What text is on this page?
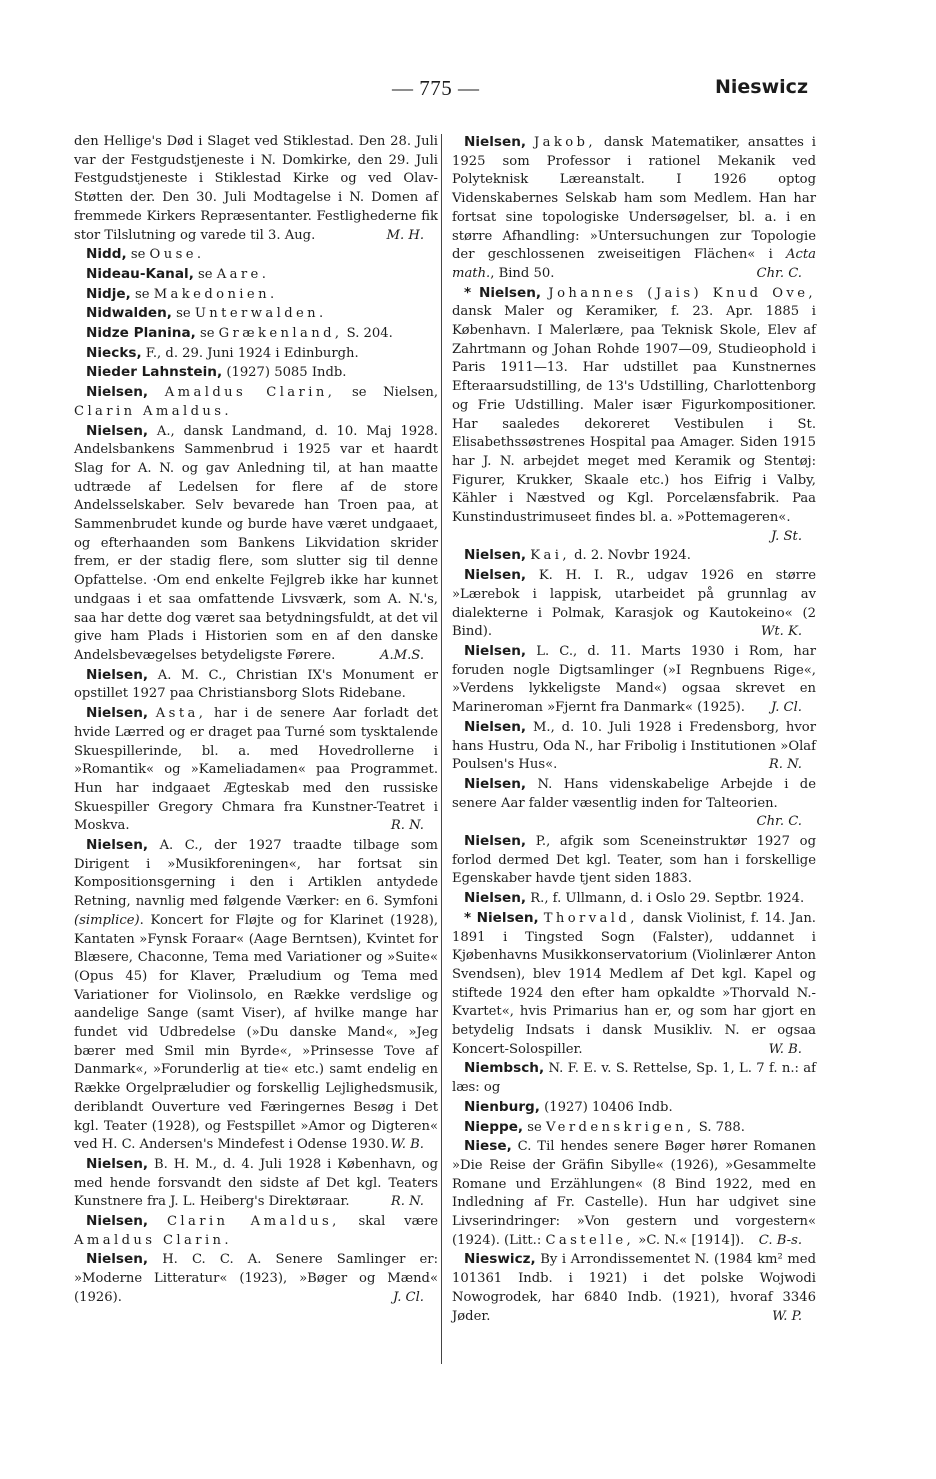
— 775 —	Nieswicz

den Hellige's Død i Slaget ved Stiklestad. Den 28. Juli var der Festgudstjeneste i N. Domkirke, den 29. Juli Festgudstjeneste i Stiklestad Kirke og ved Olav-Støtten der. Den 30. Juli Modtagelse i N. Domen af fremmede Kirkers Repræsentanter. Festlighederne fik stor Tilslutning og varede til 3. Aug.	M. H.

Nidd, se Ouse.

Nideau-Kanal, se Aare.

Nidje, se Makedonien.

Nidwalden, se Unterwalden.

Nidze Planina, se Grækenland, S. 204.

Niecks, F., d. 29. Juni 1924 i Edinburgh.

Nieder Lahnstein, (1927) 5085 Indb.

Nielsen, Amaldus Clarin, se Nielsen, Clarin Amaldus.

Nielsen, A., dansk Landmand, d. 10. Maj 1928. Andelsbankens Sammenbrud i 1925 var et haardt Slag for A. N. og gav Anledning til, at han maatte udtræde af Ledelsen for flere af de store Andelsselskaber. Selv bevarede han Troen paa, at Sammenbrudet kunde og burde have været undgaaet, og efterhaanden som Bankens Likvidation skrider frem, er der stadig flere, som slutter sig til denne Opfattelse. ·Om end enkelte Fejlgreb ikke har kunnet undgaas i et saa omfattende Livsværk, som A. N.'s, saa har dette dog været saa betydningsfuldt, at det vil give ham Plads i Historien som en af den danske Andelsbevægelses betydeligste Førere.	A.M.S.

Nielsen, A. M. C., Christian IX's Monument er opstillet 1927 paa Christiansborg Slots Ridebane.

Nielsen, Asta, har i de senere Aar forladt det hvide Lærred og er draget paa Turné som tysktalende Skuespillerinde, bl. a. med Hovedrollerne i »Romantik« og »Kameliadamen« paa Programmet. Hun har indgaaet Ægteskab med den russiske Skuespiller Gregory Chmara fra Kunstner-Teatret i Moskva.	R. N.

Nielsen, A. C., der 1927 traadte tilbage som Dirigent i »Musikforeningen«, har fortsat sin Kompositionsgerning i den i Artiklen antydede Retning, navnlig med følgende Værker: en 6. Symfoni (simplice). Koncert for Fløjte og for Klarinet (1928), Kantaten »Fynsk Foraar« (Aage Berntsen), Kvintet for Blæsere, Chaconne, Tema med Variationer og »Suite« (Opus 45) for Klaver, Præludium og Tema med Variationer for Violinsolo, en Række verdslige og aandelige Sange (samt Viser), af hvilke mange har fundet vid Udbredelse (»Du danske Mand«, »Jeg bærer med Smil min Byrde«, »Prinsesse Tove af Danmark«, »Forunderlig at tie« etc.) samt endelig en Række Orgelpræludier og forskellig Lejlighedsmusik, deriblandt Ouverture ved Færingernes Besøg i Det kgl. Teater (1928), og Festspillet »Amor og Digteren« ved H. C. Andersen's Mindefest i Odense 1930. W. B.

Nielsen, B. H. M., d. 4. Juli 1928 i København, og med hende forsvandt den sidste af Det kgl. Teaters Kunstnere fra J. L. Heiberg's Direktøraar.	R. N.

Nielsen, Clarin Amaldus, skal være Amaldus Clarin.

Nielsen, H. C. C. A. Senere Samlinger er: »Moderne Litteratur« (1923), »Bøger og Mænd« (1926).	J. Cl.

Nielsen, Jakob, dansk Matematiker, ansattes i 1925 som Professor i rationel Mekanik ved Polyteknisk Læreanstalt. I 1926 optog Videnskabernes Selskab ham som Medlem. Han har fortsat sine topologiske Undersøgelser, bl. a. i en større Afhandling: »Untersuchungen zur Topologie der geschlossenen zweiseitigen Flächen« i Acta math., Bind 50.	Chr. C.

* Nielsen, Johannes (Jais) Knud Ove, dansk Maler og Keramiker, f. 23. Apr. 1885 i København. I Malerlære, paa Teknisk Skole, Elev af Zahrtmann og Johan Rohde 1907—09, Studieophold i Paris 1911—13. Har udstillet paa Kunstnernes Efteraarsudstilling, de 13's Udstilling, Charlottenborg og Frie Udstilling. Maler især Figurkompositioner. Har saaledes dekoreret Vestibulen i St. Elisabethssøstrenes Hospital paa Amager. Siden 1915 har J. N. arbejdet meget med Keramik og Stentøj: Figurer, Krukker, Skaale etc.) hos Eifrig i Valby, Kähler i Næstved og Kgl. Porcelænsfabrik. Paa Kunstindustrimuseet findes bl. a. »Pottemageren«.
J. St.

Nielsen, Kai, d. 2. Novbr 1924.

Nielsen, K. H. I. R., udgav 1926 en større »Lærebok i lappisk, utarbeidet på grunnlag av dialekterne i Polmak, Karasjok og Kautokeino« (2 Bind).	Wt. K.

Nielsen, L. C., d. 11. Marts 1930 i Rom, har foruden nogle Digtsamlinger (»I Regnbuens Rige«, »Verdens lykkeligste Mand«) ogsaa skrevet en Marineroman »Fjernt fra Danmark« (1925). J. Cl.

Nielsen, M., d. 10. Juli 1928 i Fredensborg, hvor hans Hustru, Oda N., har Fribolig i Institutionen »Olaf Poulsen's Hus«.	R. N.

Nielsen, N. Hans videnskabelige Arbejde i de senere Aar falder væsentlig inden for Talteorien.
Chr. C.

Nielsen, P., afgik som Sceneinstruktør 1927 og forlod dermed Det kgl. Teater, som han i forskellige Egenskaber havde tjent siden 1883.

Nielsen, R., f. Ullmann, d. i Oslo 29. Septbr. 1924.

* Nielsen, Thorvald, dansk Violinist, f. 14. Jan. 1891 i Tingsted Sogn (Falster), uddannet i Kjøbenhavns Musikkonservatorium (Violinlærer Anton Svendsen), blev 1914 Medlem af Det kgl. Kapel og stiftede 1924 den efter ham opkaldte »Thorvald N.-Kvartet«, hvis Primarius han er, og som har gjort en betydelig Indsats i dansk Musikliv. N. er ogsaa Koncert-Solospiller.	W. B.

Niembsch, N. F. E. v. S. Rettelse, Sp. 1, L. 7 f. n.: af læs: og

Nienburg, (1927) 10406 Indb.

Nieppe, se Verdenskrigen, S. 788.

Niese, C. Til hendes senere Bøger hører Romanen »Die Reise der Gräfin Sibylle« (1926), »Gesammelte Romane und Erzählungen« (8 Bind 1922, med en Indledning af Fr. Castelle). Hun har udgivet sine Livserindringer: »Von gestern und vorgestern« (1924). (Litt.: Castelle, »C. N.« [1914]). C. B-s.

Nieswicz, By i Arrondissementet N. (1984 km² med 101361 Indb. i 1921) i det polske Wojwodi Nowogrodek, har 6840 Indb. (1921), hvoraf 3346 Jøder.	W. P.
